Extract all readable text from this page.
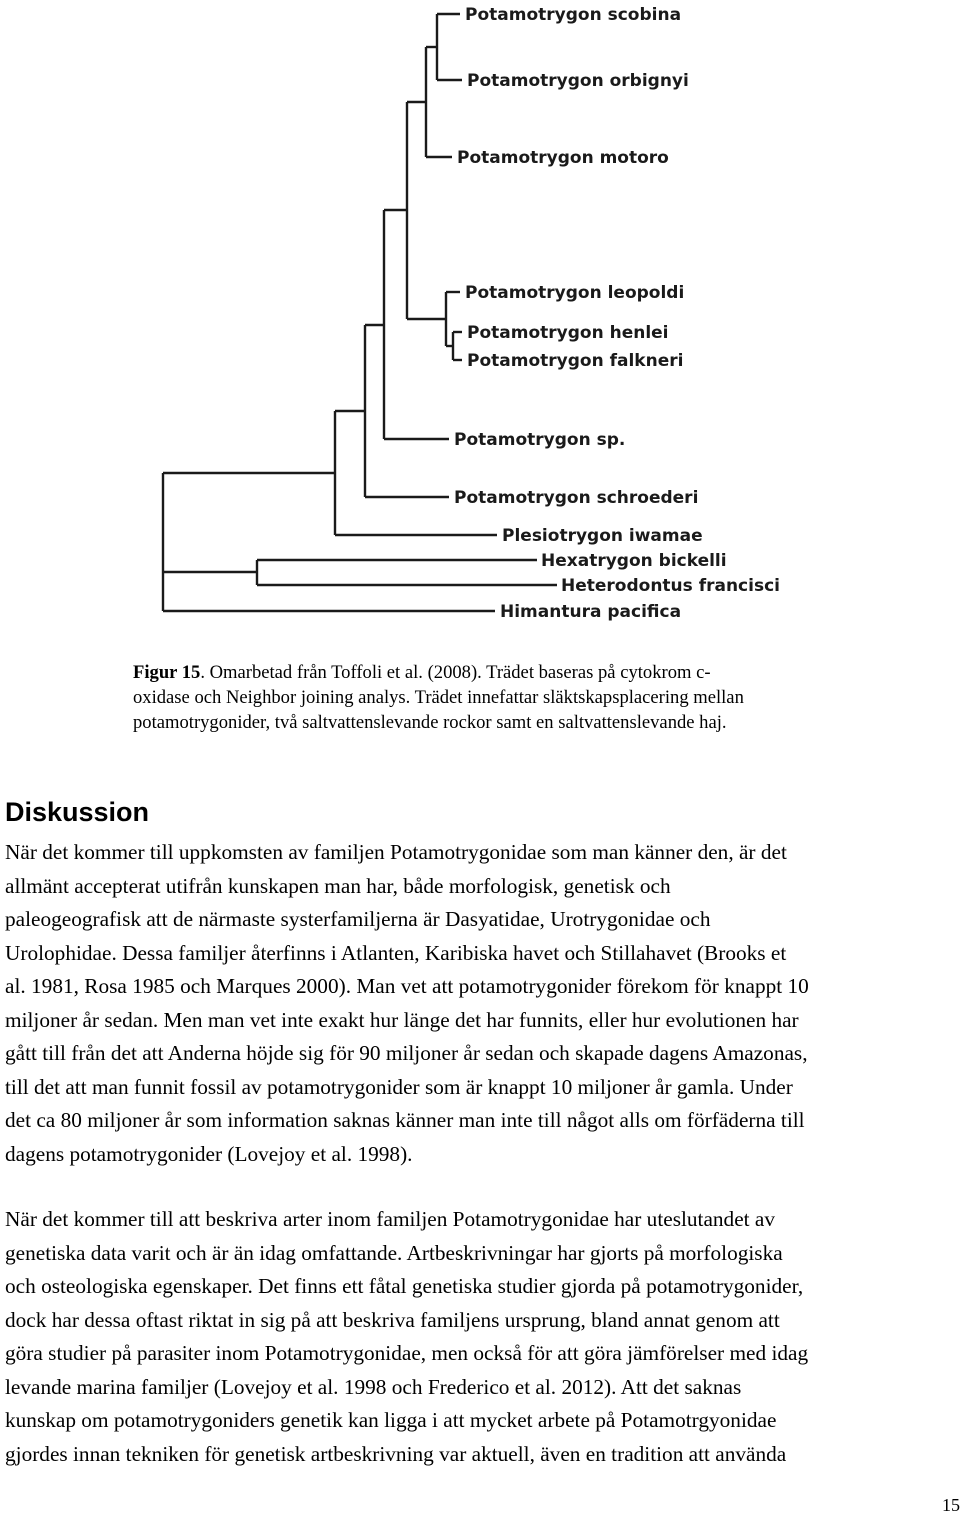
Potamotrygon scobina
Potamotrygon orbignyi
Potamotrygon motoro
Potamotrygon leopoldi
Potamotrygon henlei
Potamotrygon falkneri
Potamotrygon sp.
Potamotrygon schroederi
Plesiotrygon iwamae
Hexatrygon bickelli
Heterodontus francisci
Himantura pacifica
Figur 15. Omarbetad från Toffoli et al. (2008). Trädet baseras på cytokrom c-
oxidase och Neighbor joining analys. Trädet innefattar släktskapsplacering mellan
potamotrygonider, två saltvattenslevande rockor samt en saltvattenslevande haj.
Diskussion
När det kommer till uppkomsten av familjen Potamotrygonidae som man känner den, är det
allmänt accepterat utifrån kunskapen man har, både morfologisk, genetisk och
paleogeografisk att de närmaste systerfamiljerna är Dasyatidae, Urotrygonidae och
Urolophidae. Dessa familjer återfinns i Atlanten, Karibiska havet och Stillahavet (Brooks et
al. 1981, Rosa 1985 och Marques 2000). Man vet att potamotrygonider förekom för knappt 10
miljoner år sedan. Men man vet inte exakt hur länge det har funnits, eller hur evolutionen har
gått till från det att Anderna höjde sig för 90 miljoner år sedan och skapade dagens Amazonas,
till det att man funnit fossil av potamotrygonider som är knappt 10 miljoner år gamla. Under
det ca 80 miljoner år som information saknas känner man inte till något alls om förfäderna till
dagens potamotrygonider (Lovejoy et al. 1998).
När det kommer till att beskriva arter inom familjen Potamotrygonidae har uteslutandet av
genetiska data varit och är än idag omfattande. Artbeskrivningar har gjorts på morfologiska
och osteologiska egenskaper. Det finns ett fåtal genetiska studier gjorda på potamotrygonider,
dock har dessa oftast riktat in sig på att beskriva familjens ursprung, bland annat genom att
göra studier på parasiter inom Potamotrygonidae, men också för att göra jämförelser med idag
levande marina familjer (Lovejoy et al. 1998 och Frederico et al. 2012). Att det saknas
kunskap om potamotrygoniders genetik kan ligga i att mycket arbete på Potamotrgyonidae
gjordes innan tekniken för genetisk artbeskrivning var aktuell, även en tradition att använda
15
